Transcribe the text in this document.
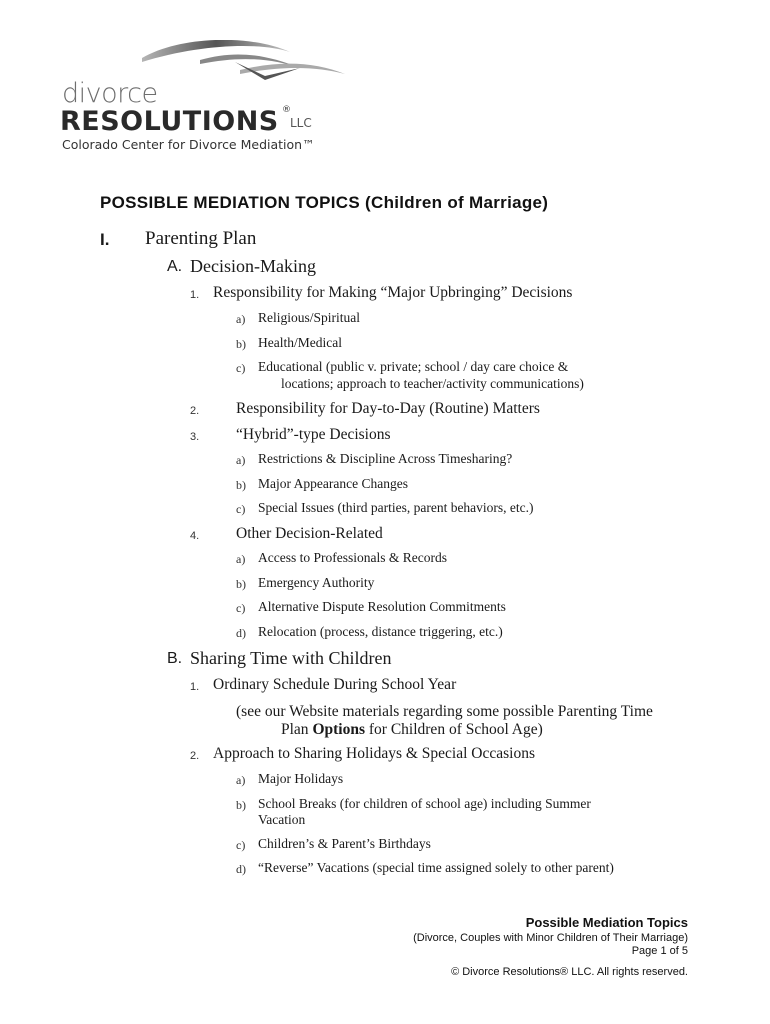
divorce
RESOLUTIONS ®
LLC
Colorado Center for Divorce Mediation™
POSSIBLE MEDIATION TOPICS (Children of Marriage)
I. Parenting Plan
A. Decision-Making
1. Responsibility for Making “Major Upbringing” Decisions
a) Religious/Spiritual
b) Health/Medical
c) Educational (public v. private; school / day care choice &
locations; approach to teacher/activity communications)
2. Responsibility for Day-to-Day (Routine) Matters
3. “Hybrid”-type Decisions
a) Restrictions & Discipline Across Timesharing?
b) Major Appearance Changes
c) Special Issues (third parties, parent behaviors, etc.)
4. Other Decision-Related
a) Access to Professionals & Records
b) Emergency Authority
c) Alternative Dispute Resolution Commitments
d) Relocation (process, distance triggering, etc.)
B. Sharing Time with Children
1. Ordinary Schedule During School Year
(see our Website materials regarding some possible Parenting Time
Plan Options for Children of School Age)
2. Approach to Sharing Holidays & Special Occasions
a) Major Holidays
b) School Breaks (for children of school age) including Summer
Vacation
c) Children’s & Parent’s Birthdays
d) “Reverse” Vacations (special time assigned solely to other parent)
Possible Mediation Topics
(Divorce, Couples with Minor Children of Their Marriage)
Page 1 of 5
© Divorce Resolutions® LLC. All rights reserved.
